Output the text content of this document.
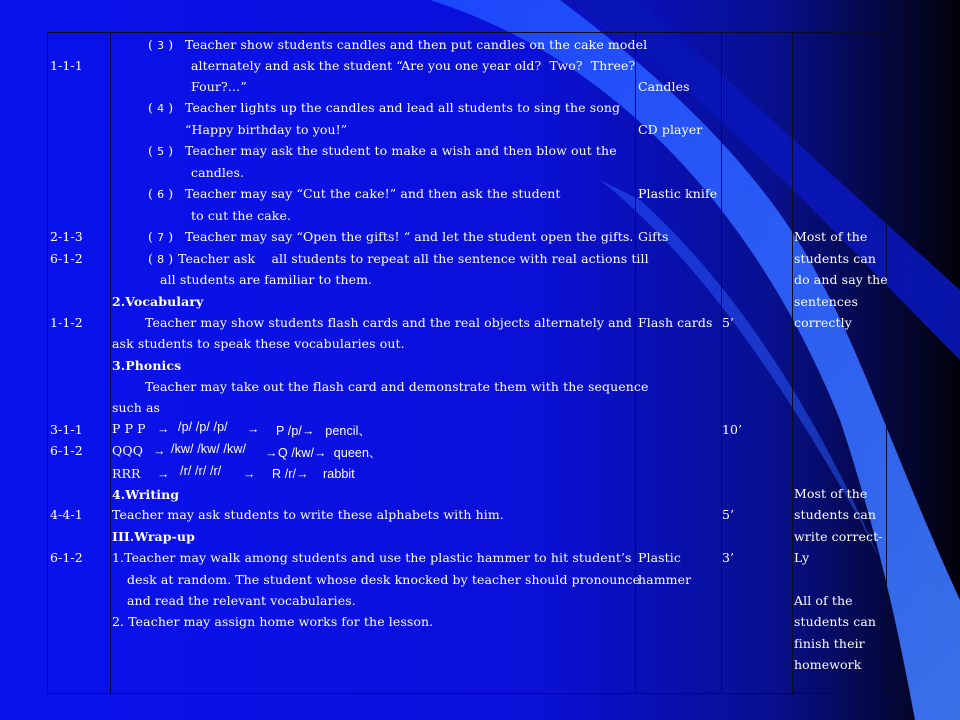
1-1-1
2-1-3
6-1-2
1-1-2
3-1-1
6-1-2
4-4-1
6-1-2
( 3 ) Teacher show students candles and then put candles on the cake model
alternately and ask the student “Are you one year old?  Two?  Three?
Four?…”
( 4 ) Teacher lights up the candles and lead all students to sing the song
“Happy birthday to you!”
( 5 ) Teacher may ask the student to make a wish and then blow out the
candles.
( 6 ) Teacher may say “Cut the cake!” and then ask the student
to cut the cake.
( 7 ) Teacher may say “Open the gifts! “ and let the student open the gifts.
( 8 ) Teacher ask    all students to repeat all the sentence with real actions till
all students are familiar to them.
2.Vocabulary
Teacher may show students flash cards and the real objects alternately and
ask students to speak these vocabularies out.
3.Phonics
Teacher may take out the flash card and demonstrate them with the sequence
such as
P P P → /p/ /p/ /p/ → P /p/→   pencil、
QQQ → /kw/ /kw/ /kw/ → Q /kw/→  queen、
RRR → /r/ /r/ /r/ → R /r/→    rabbit
4.Writing
Teacher may ask students to write these alphabets with him.
III.Wrap-up
1.Teacher may walk among students and use the plastic hammer to hit student’s
desk at random. The student whose desk knocked by teacher should pronounce
and read the relevant vocabularies.
2. Teacher may assign home works for the lesson.
Candles
CD player
Plastic knife
Gifts
Flash cards
Plastic
hammer
5’
10’
5’
3’
Most of the
students can
do and say the
sentences
correctly
Most of the
students can
write correct-
Ly
All of the
students can
finish their
homework
